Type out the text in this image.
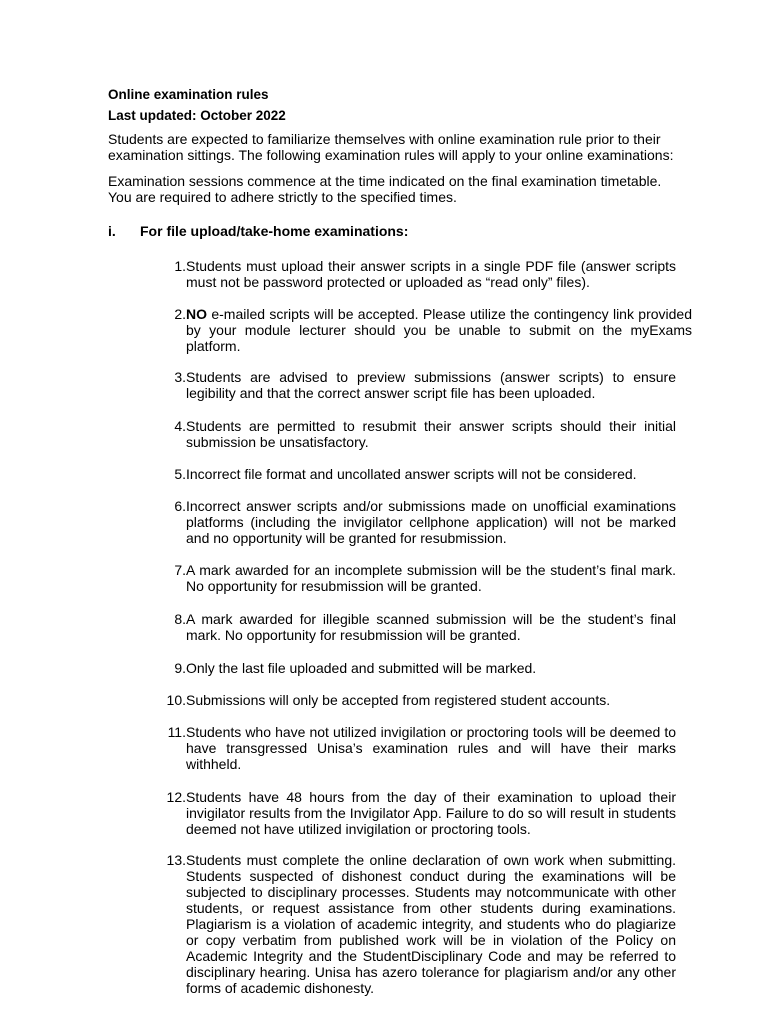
Online examination rules
Last updated: October 2022
Students are expected to familiarize themselves with online examination rule prior to their examination sittings. The following examination rules will apply to your online examinations:
Examination sessions commence at the time indicated on the final examination timetable. You are required to adhere strictly to the specified times.
i. For file upload/take-home examinations:
1. Students must upload their answer scripts in a single PDF file (answer scripts must not be password protected or uploaded as “read only” files).
2. NO e-mailed scripts will be accepted. Please utilize the contingency link provided by your module lecturer should you be unable to submit on the myExams platform.
3. Students are advised to preview submissions (answer scripts) to ensure legibility and that the correct answer script file has been uploaded.
4. Students are permitted to resubmit their answer scripts should their initial submission be unsatisfactory.
5. Incorrect file format and uncollated answer scripts will not be considered.
6. Incorrect answer scripts and/or submissions made on unofficial examinations platforms (including the invigilator cellphone application) will not be marked and no opportunity will be granted for resubmission.
7. A mark awarded for an incomplete submission will be the student’s final mark. No opportunity for resubmission will be granted.
8. A mark awarded for illegible scanned submission will be the student’s final mark. No opportunity for resubmission will be granted.
9. Only the last file uploaded and submitted will be marked.
10. Submissions will only be accepted from registered student accounts.
11. Students who have not utilized invigilation or proctoring tools will be deemed to have transgressed Unisa’s examination rules and will have their marks withheld.
12. Students have 48 hours from the day of their examination to upload their invigilator results from the Invigilator App. Failure to do so will result in students deemed not have utilized invigilation or proctoring tools.
13. Students must complete the online declaration of own work when submitting. Students suspected of dishonest conduct during the examinations will be subjected to disciplinary processes. Students may notcommunicate with other students, or request assistance from other students during examinations. Plagiarism is a violation of academic integrity, and students who do plagiarize or copy verbatim from published work will be in violation of the Policy on Academic Integrity and the StudentDisciplinary Code and may be referred to disciplinary hearing. Unisa has azero tolerance for plagiarism and/or any other forms of academic dishonesty.
